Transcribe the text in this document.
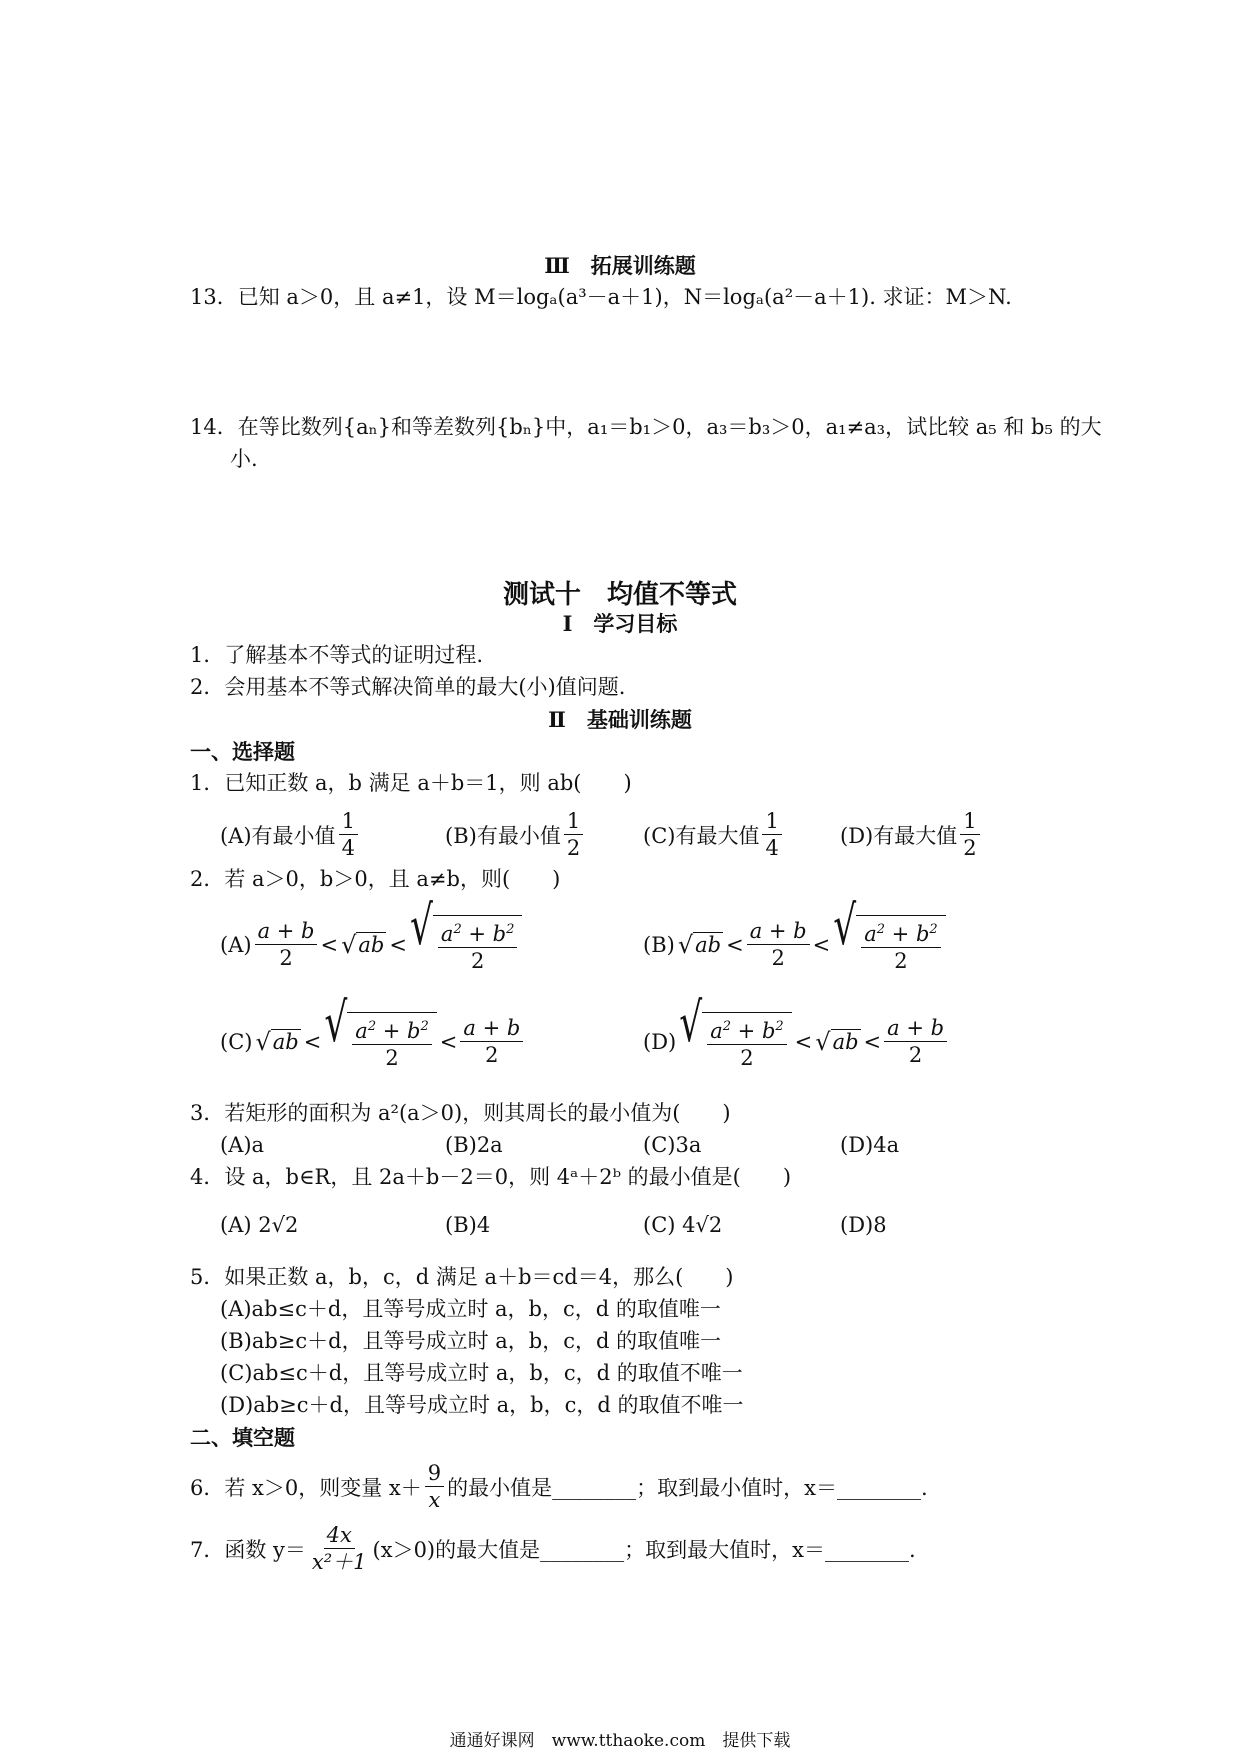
Ⅲ　拓展训练题
13．已知 a＞0，且 a≠1，设 M＝logₐ(a³－a＋1)，N＝logₐ(a²－a＋1). 求证：M＞N.
14．在等比数列{aₙ}和等差数列{bₙ}中，a₁＝b₁＞0，a₃＝b₃＞0，a₁≠a₃，试比较 a₅ 和 b₅ 的大
小.
测试十　均值不等式
Ⅰ　学习目标
1．了解基本不等式的证明过程.
2．会用基本不等式解决简单的最大(小)值问题.
Ⅱ　基础训练题
一、选择题
1．已知正数 a，b 满足 a＋b＝1，则 ab(　　)
(A)有最小值 $\frac{1}{4}$	(B)有最小值 $\frac{1}{2}$	(C)有最大值 $\frac{1}{4}$	(D)有最大值 $\frac{1}{2}$
2．若 a＞0，b＞0，且 a≠b，则(　　)
$(A) \frac{a + b}{2}$ < √ ab < √ $a^2 + b^2$
2
(B) √ ab <
a + b
2
< √ $a^2 + b^2$
2
(C) √ ab < √ $a^2 + b^2$
2
<
a + b
2
(D) √ $a^2 + b^2$
2
< √ ab <
a + b
2
3．若矩形的面积为 a²(a＞0)，则其周长的最小值为(　　)
(A)a	(B)2a	(C)3a	(D)4a
4．设 a，b∈R，且 2a＋b－2＝0，则 4ᵃ＋2ᵇ 的最小值是(　　)
(A) 2√2	(B)4	(C) 4√2	(D)8
5．如果正数 a，b，c，d 满足 a＋b＝cd＝4，那么(　　)
(A)ab≤c＋d，且等号成立时 a，b，c，d 的取值唯一
(B)ab≥c＋d，且等号成立时 a，b，c，d 的取值唯一
(C)ab≤c＋d，且等号成立时 a，b，c，d 的取值不唯一
(D)ab≥c＋d，且等号成立时 a，b，c，d 的取值不唯一
二、填空题
6．若 x＞0，则变量 $x+ \frac{9}{x}$ 的最小值是________；取到最小值时，x＝________.
7．函数 $y= \frac{4x}{\text{x²＋1}} (x>0)$的最大值是________；取到最大值时，x＝________.
通通好课网　www.tthaoke.com　提供下载
